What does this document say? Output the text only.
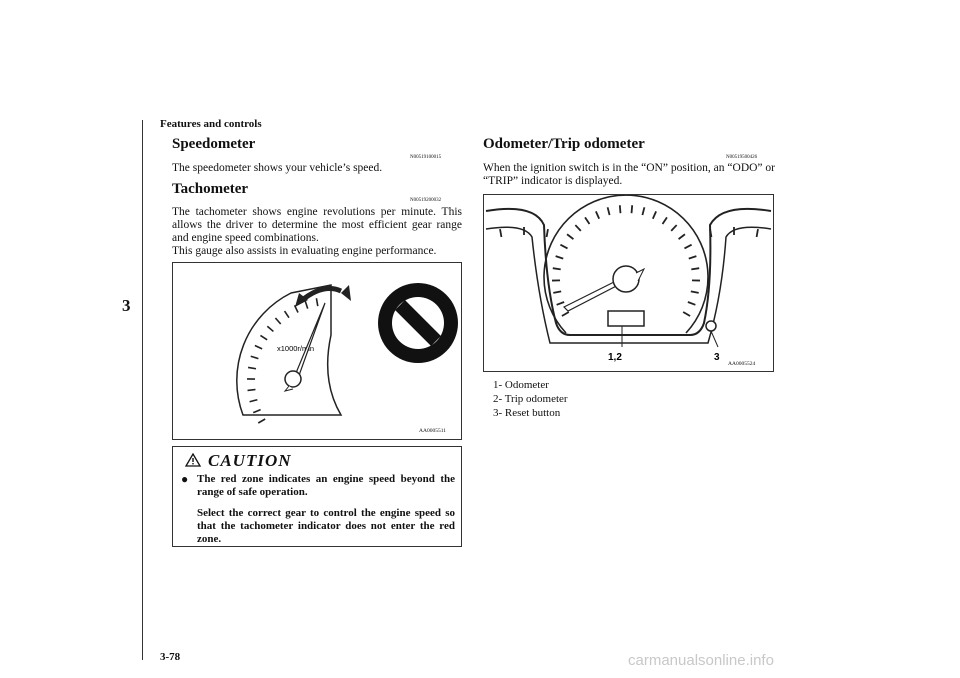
Features and controls
3
Speedometer
N00519100015
The speedometer shows your vehicle’s speed.
Tachometer
N00519200032
The tachometer shows engine revolutions per minute. This allows the driver to determine the most efficient gear range and engine speed combinations.
This gauge also assists in evaluating engine performance.
x1000r/min
AA0005511
CAUTION
● The red zone indicates an engine speed beyond the range of safe operation.

Select the correct gear to control the engine speed so that the tachometer indicator does not enter the red zone.

Odometer/Trip odometer
N00519500426
When the ignition switch is in the “ON” position, an “ODO” or “TRIP” indicator is displayed.
1,2	3
AA0005524
1- Odometer
2- Trip odometer
3- Reset button
3-78	carmanualsonline.info
